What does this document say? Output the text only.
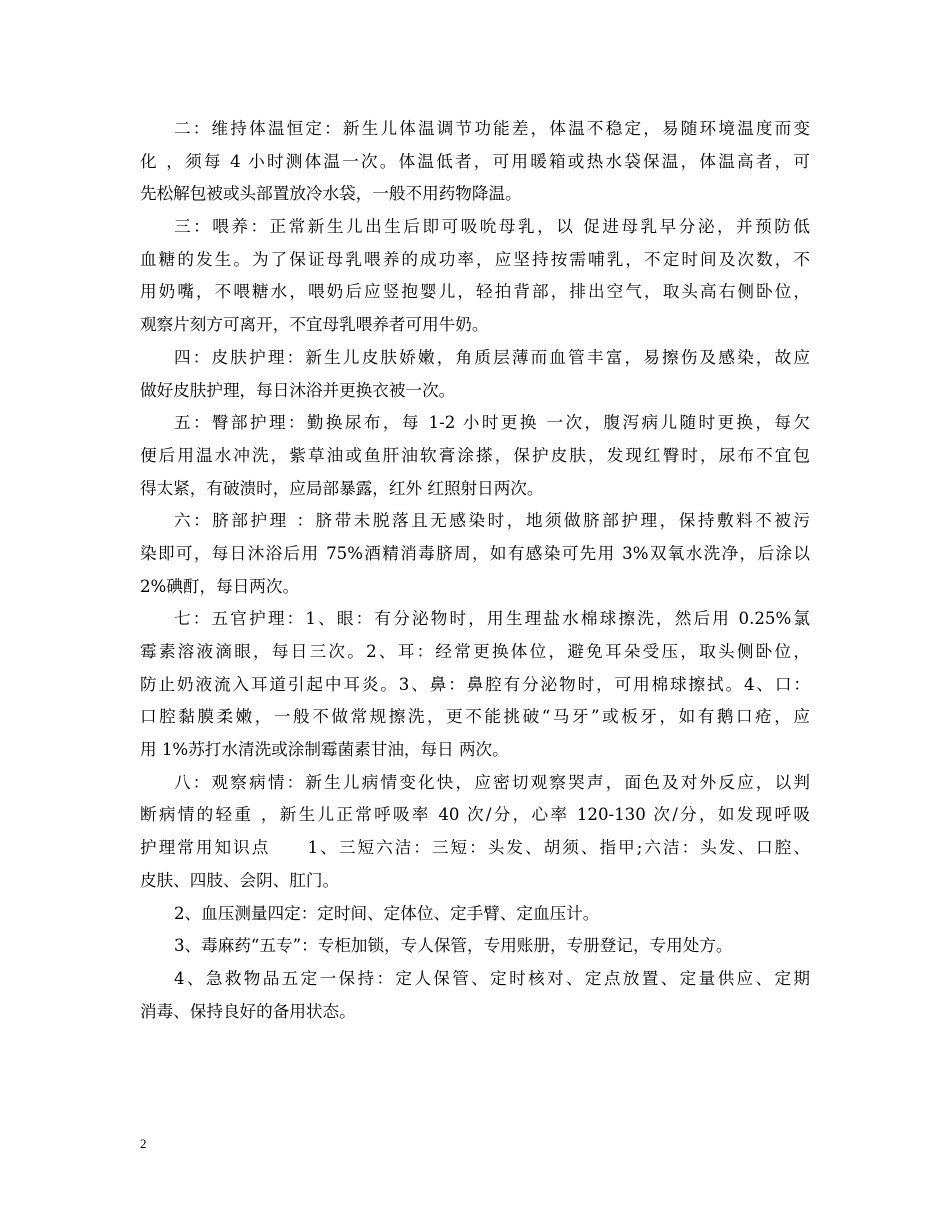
二：维持体温恒定：新生儿体温调节功能差，体温不稳定，易随环境温度而变
化 ，须每 4 小时测体温一次。体温低者，可用暖箱或热水袋保温，体温高者，可
先松解包被或头部置放冷水袋，一般不用药物降温。
三：喂养：正常新生儿出生后即可吸吮母乳，以 促进母乳早分泌，并预防低
血糖的发生。为了保证母乳喂养的成功率，应坚持按需哺乳，不定时间及次数，不
用奶嘴，不喂糖水，喂奶后应竖抱婴儿，轻拍背部，排出空气，取头高右侧卧位，
观察片刻方可离开，不宜母乳喂养者可用牛奶。
四：皮肤护理：新生儿皮肤娇嫩，角质层薄而血管丰富，易擦伤及感染，故应
做好皮肤护理，每日沐浴并更换衣被一次。
五：臀部护理：勤换尿布，每 1-2 小时更换 一次，腹泻病儿随时更换，每欠
便后用温水冲洗，紫草油或鱼肝油软膏涂搽，保护皮肤，发现红臀时，尿布不宜包
得太紧，有破溃时，应局部暴露，红外 红照射日两次。
六：脐部护理 ：脐带未脱落且无感染时，地须做脐部护理，保持敷料不被污
染即可，每日沐浴后用 75%酒精消毒脐周，如有感染可先用 3%双氧水洗净，后涂以
2%碘酊，每日两次。
七：五官护理：1、眼：有分泌物时，用生理盐水棉球擦洗，然后用 0.25%氯
霉素溶液滴眼，每日三次。2、耳：经常更换体位，避免耳朵受压，取头侧卧位，
防止奶液流入耳道引起中耳炎。3、鼻：鼻腔有分泌物时，可用棉球擦拭。4、口：
口腔黏膜柔嫩，一般不做常规擦洗，更不能挑破“马牙”或板牙，如有鹅口疮，应
用 1%苏打水清洗或涂制霉菌素甘油，每日 两次。
八：观察病情：新生儿病情变化快，应密切观察哭声，面色及对外反应，以判
断病情的轻重 ，新生儿正常呼吸率 40 次/分，心率 120-130 次/分，如发现呼吸
护理常用知识点　　1、三短六洁：三短：头发、胡须、指甲;六洁：头发、口腔、
皮肤、四肢、会阴、肛门。
2、血压测量四定：定时间、定体位、定手臂、定血压计。
3、毒麻药“五专”：专柜加锁，专人保管，专用账册，专册登记，专用处方。
4、急救物品五定一保持：定人保管、定时核对、定点放置、定量供应、定期
消毒、保持良好的备用状态。
2
